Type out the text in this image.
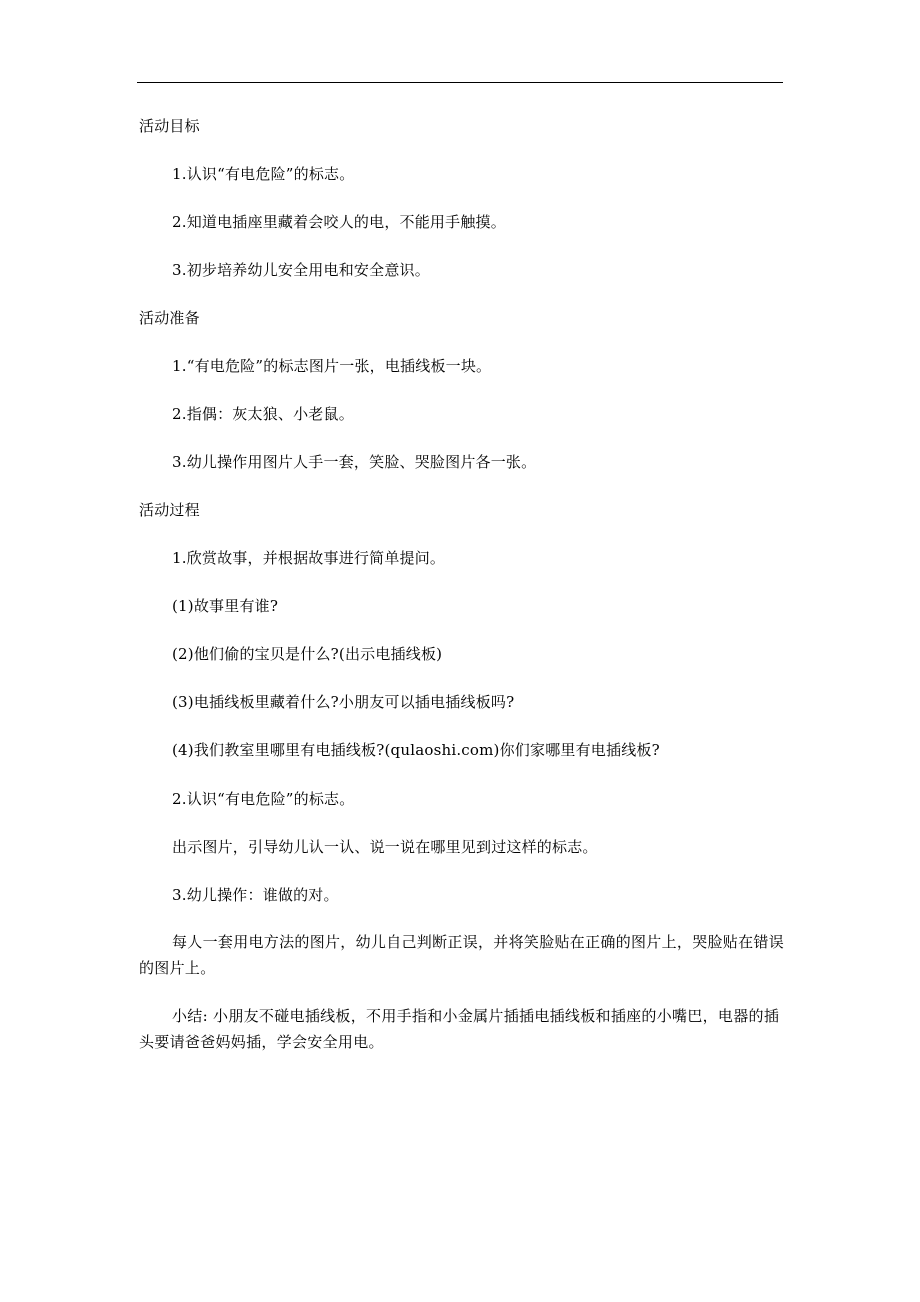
活动目标
1.认识“有电危险”的标志。
2.知道电插座里藏着会咬人的电，不能用手触摸。
3.初步培养幼儿安全用电和安全意识。
活动准备
1.“有电危险”的标志图片一张，电插线板一块。
2.指偶：灰太狼、小老鼠。
3.幼儿操作用图片人手一套，笑脸、哭脸图片各一张。
活动过程
1.欣赏故事，并根据故事进行简单提问。
(1)故事里有谁?
(2)他们偷的宝贝是什么?(出示电插线板)
(3)电插线板里藏着什么?小朋友可以插电插线板吗?
(4)我们教室里哪里有电插线板?(qulaoshi.com)你们家哪里有电插线板?
2.认识“有电危险”的标志。
出示图片，引导幼儿认一认、说一说在哪里见到过这样的标志。
3.幼儿操作：谁做的对。
每人一套用电方法的图片，幼儿自己判断正误，并将笑脸贴在正确的图片上，哭脸贴在错误的图片上。
小结: 小朋友不碰电插线板，不用手指和小金属片插插电插线板和插座的小嘴巴，电器的插头要请爸爸妈妈插，学会安全用电。
